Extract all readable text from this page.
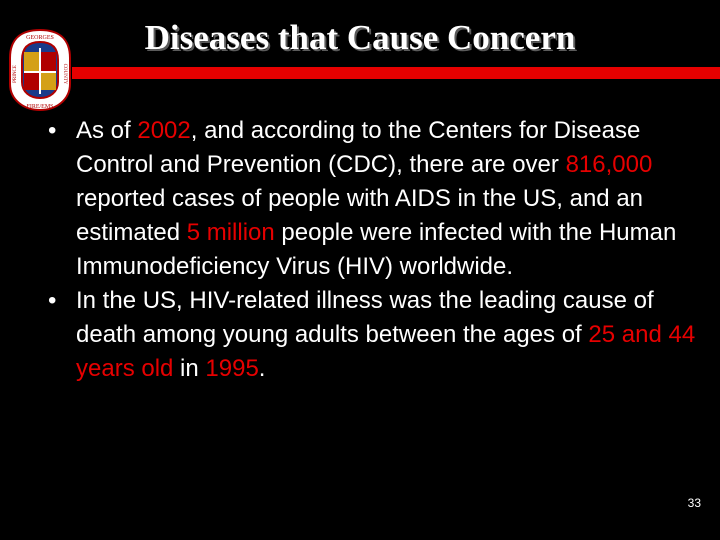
GEORGES
FIRE/EMS
PRINCE	COUNTY
Diseases that Cause Concern
• As of 2002, and according to the Centers for Disease Control and Prevention (CDC), there are over 816,000 reported cases of people with AIDS in the US, and an estimated 5 million people were infected with the Human Immunodeficiency Virus (HIV) worldwide.
• In the US, HIV-related illness was the leading cause of death among young adults between the ages of 25 and 44 years old in 1995.
33
